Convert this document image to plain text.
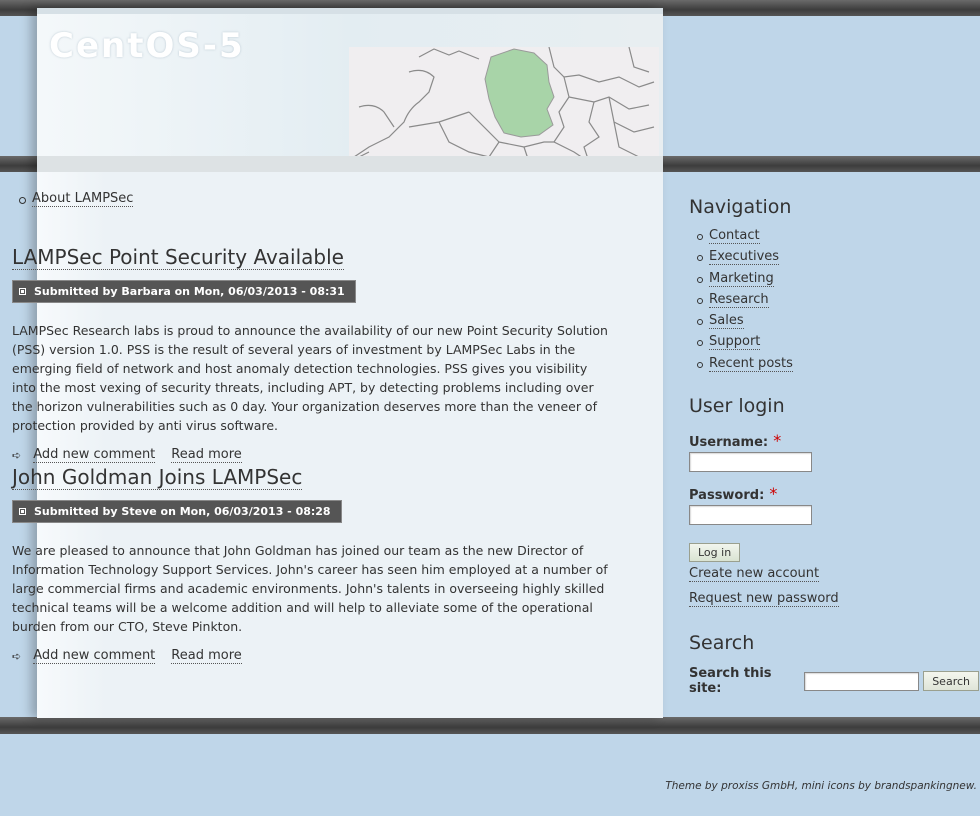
CentOS-5
About LAMPSec
LAMPSec Point Security Available

Submitted by Barbara on Mon, 06/03/2013 - 08:31

LAMPSec Research labs is proud to announce the availability of our new Point Security Solution (PSS) version 1.0. PSS is the result of several years of investment by LAMPSec Labs in the emerging field of network and host anomaly detection technologies. PSS gives you visibility into the most vexing of security threats, including APT, by detecting problems including over the horizon vulnerabilities such as 0 day. Your organization deserves more than the veneer of protection provided by anti virus software.

➪ Add new comment Read more
John Goldman Joins LAMPSec

Submitted by Steve on Mon, 06/03/2013 - 08:28

We are pleased to announce that John Goldman has joined our team as the new Director of Information Technology Support Services. John's career has seen him employed at a number of large commercial firms and academic environments. John's talents in overseeing highly skilled technical teams will be a welcome addition and will help to alleviate some of the operational burden from our CTO, Steve Pinkton.

➪ Add new comment Read more
Navigation
Contact
Executives
Marketing
Research
Sales
Support
Recent posts
User login
Username: *
Password: *
Log in
Create new account
Request new password
Search
Search this site:	Search
Theme by proxiss GmbH, mini icons by brandspankingnew.
